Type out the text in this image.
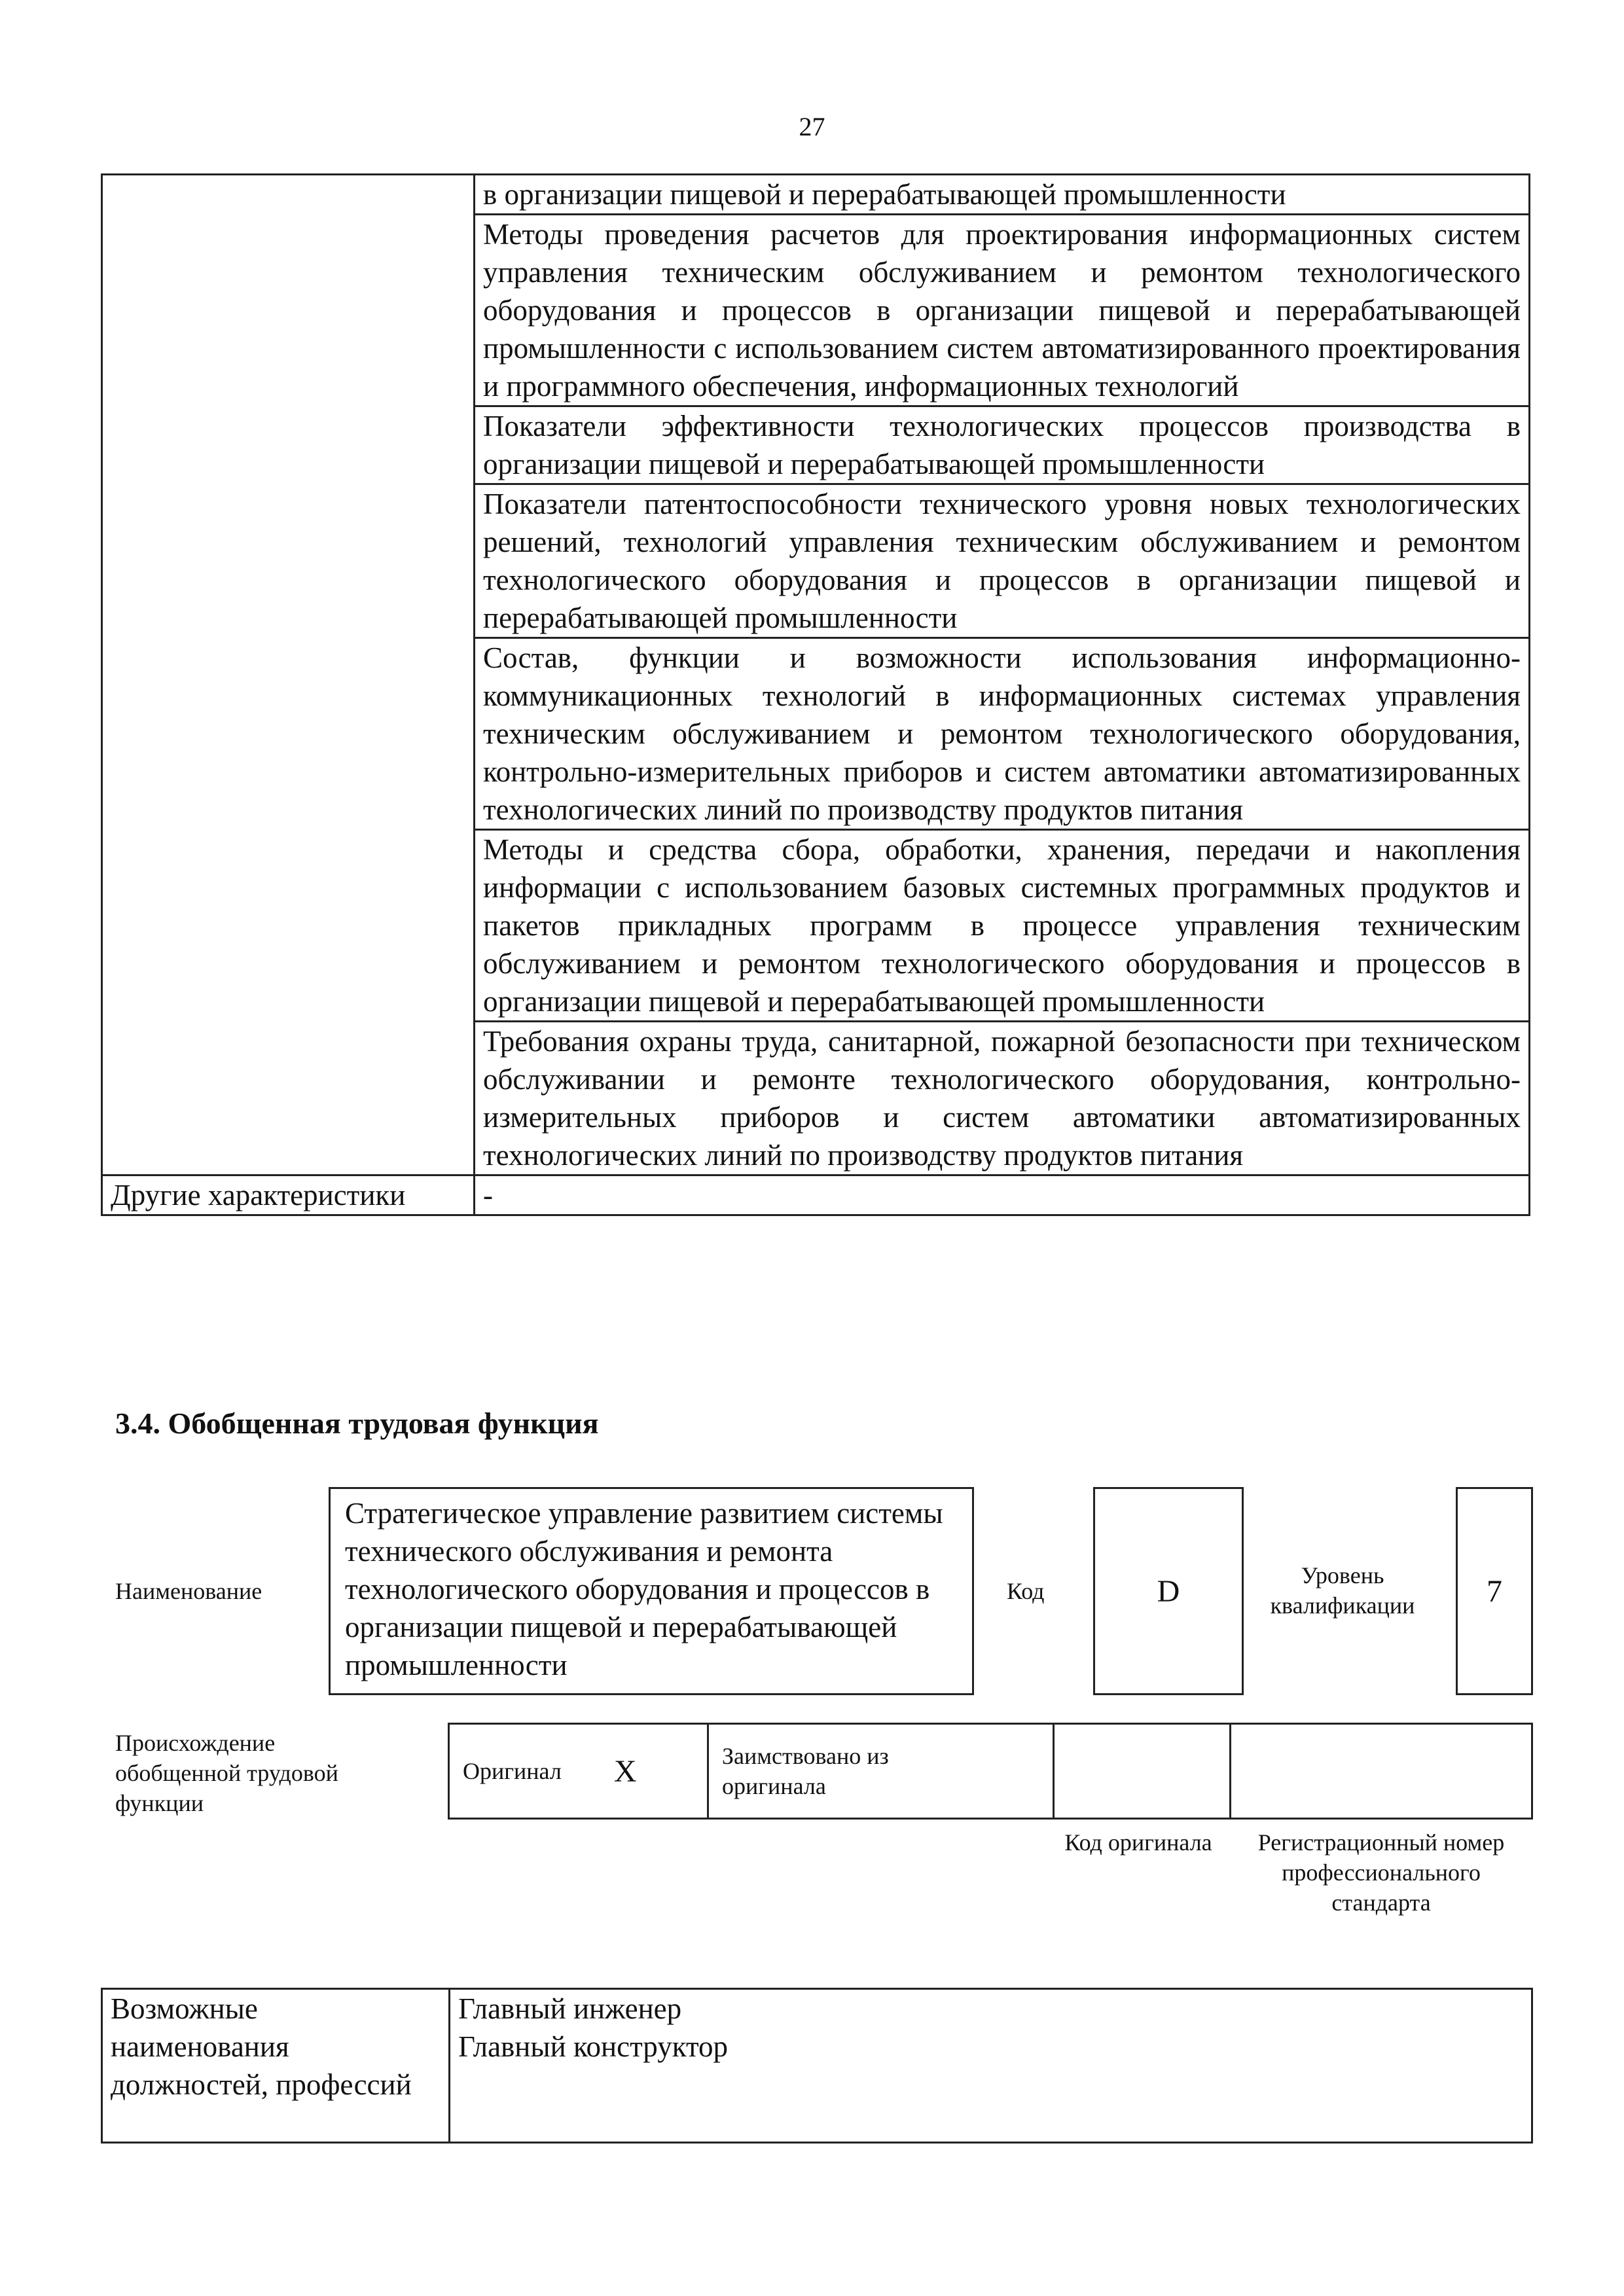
27
	в организации пищевой и перерабатывающей промышленности
	Методы проведения расчетов для проектирования информационных систем управления техническим обслуживанием и ремонтом технологического оборудования и процессов в организации пищевой и перерабатывающей промышленности с использованием систем автоматизированного проектирования и программного обеспечения, информационных технологий
	Показатели эффективности технологических процессов производства в организации пищевой и перерабатывающей промышленности
	Показатели патентоспособности технического уровня новых технологических решений, технологий управления техническим обслуживанием и ремонтом технологического оборудования и процессов в организации пищевой и перерабатывающей промышленности
	Состав, функции и возможности использования информационно-коммуникационных технологий в информационных системах управления техническим обслуживанием и ремонтом технологического оборудования, контрольно-измерительных приборов и систем автоматики автоматизированных технологических линий по производству продуктов питания
	Методы и средства сбора, обработки, хранения, передачи и накопления информации с использованием базовых системных программных продуктов и пакетов прикладных программ в процессе управления техническим обслуживанием и ремонтом технологического оборудования и процессов в организации пищевой и перерабатывающей промышленности
	Требования охраны труда, санитарной, пожарной безопасности при техническом обслуживании и ремонте технологического оборудования, контрольно-измерительных приборов и систем автоматики автоматизированных технологических линий по производству продуктов питания
Другие характеристики	-
3.4. Обобщенная трудовая функция
Наименование
Стратегическое управление развитием системы технического обслуживания и ремонта технологического оборудования и процессов в организации пищевой и перерабатывающей промышленности
Код	D	Уровень квалификации	7
Происхождение обобщенной трудовой функции
Оригинал X	Заимствовано из оригинала
Код оригинала	Регистрационный номер профессионального стандарта
Возможные наименования должностей, профессий	
Главный инженер
Главный конструктор
